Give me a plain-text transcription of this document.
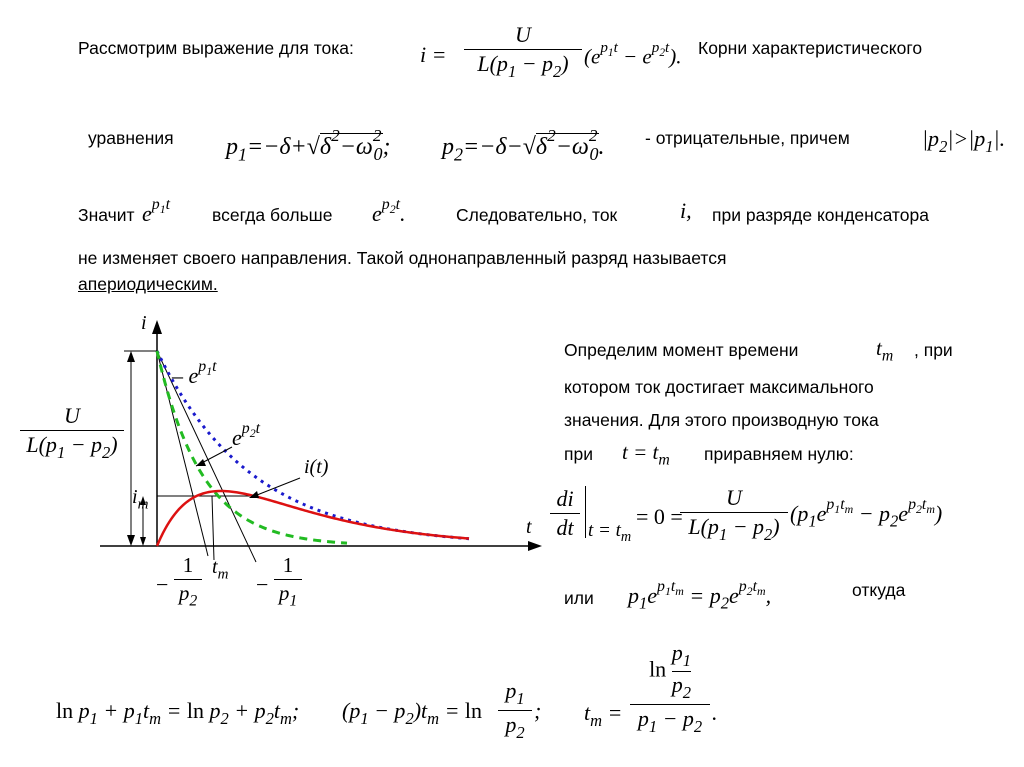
Рассмотрим выражение для тока:	i =
U
$L(p_1 - p_2) (e^{p_1t} - e^{p_2t})$. Корни характеристического
уравнения $p_1=-\delta+√\delta^2-\omega^2_0$; $p_2=-\delta-√\delta^2-\omega^2_0$. - отрицательные, причем	$|p_2|>|p_1|$.
Значит $e^{p_1t}$
всегда больше $e^{p_2t}$.	Следовательно, ток	i, при разряде конденсатора
не изменяет своего направления. Такой однонаправленный разряд называется
апериодическим.
i
t
U
$L(p_1 - p_2)$
$i_m$
– $e^{p_1t}$
$e^{p_2t}$
i(t)
−
1
$p_2$
$t_m$ −
1
$p_1$
Определим момент времени	$t_m$ , при
котором ток достигает максимального
значения. Для этого производную тока
при $t = t_m$ приравняем нулю:
di
dt $t = t_m$
= 0 =
U
$L(p_1 - p_2)$
$(p_1e^{p_1t_m} - p_2e^{p_2t_m})$
или $p_1e^{p_1t_m} = p_2e^{p_2t_m}$,	откуда
$\ln p_1 + p_1t_m = \ln p_2 + p_2t_m$; $(p_1 - p_2)t_m = \ln$
$p_1$
$p_2$
; $t_m$ =
$\ln \frac{p_1}{p_2}$
$p_1 - p_2$
.
